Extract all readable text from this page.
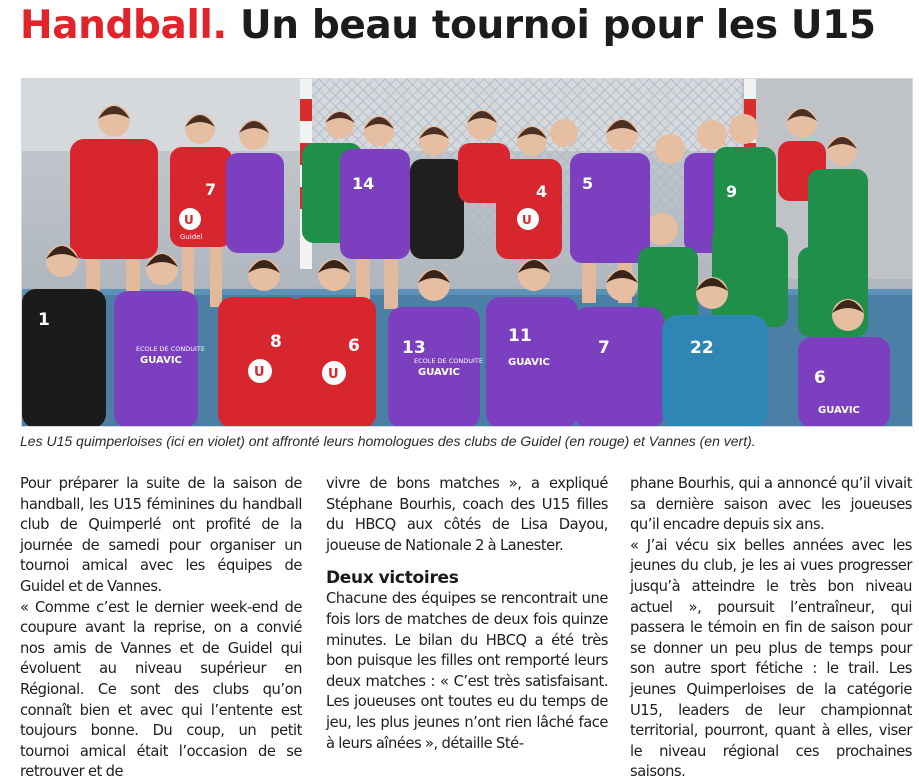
Handball. Un beau tournoi pour les U15
7	14	4 5	9
1
8	6 13
11
7	22
6
GUAVIC
GUAVIC
GUAVIC
GUAVIC
ECOLE DE CONDUITE
ECOLE DE CONDUITE
U	U
U
Guidel
U

Les U15 quimperloises (ici en violet) ont affronté leurs homologues des clubs de Guidel (en rouge) et Vannes (en vert).

Pour préparer la suite de la saison de handball, les U15 féminines du handball club de Quimperlé ont profité de la journée de samedi pour organiser un tournoi amical avec les équipes de Guidel et de Vannes.

« Comme c’est le dernier week-end de coupure avant la reprise, on a convié nos amis de Vannes et de Guidel qui évoluent au niveau supérieur en Régional. Ce sont des clubs qu’on connaît bien et avec qui l’entente est toujours bonne. Du coup, un petit tournoi amical était l’occasion de se retrouver et de

vivre de bons matches », a expliqué Stéphane Bourhis, coach des U15 filles du HBCQ aux côtés de Lisa Dayou, joueuse de Nationale 2 à Lanester.

Deux victoires

Chacune des équipes se rencontrait une fois lors de matches de deux fois quinze minutes. Le bilan du HBCQ a été très bon puisque les filles ont remporté leurs deux matches : « C’est très satisfaisant. Les joueuses ont toutes eu du temps de jeu, les plus jeunes n’ont rien lâché face à leurs aînées », détaille Sté-

phane Bourhis, qui a annoncé qu’il vivait sa dernière saison avec les joueuses qu’il encadre depuis six ans.

« J’ai vécu six belles années avec les jeunes du club, je les ai vues progresser jusqu’à atteindre le très bon niveau actuel », poursuit l’entraîneur, qui passera le témoin en fin de saison pour se donner un peu plus de temps pour son autre sport fétiche : le trail. Les jeunes Quimperloises de la catégorie U15, leaders de leur championnat territorial, pourront, quant à elles, viser le niveau régional ces prochaines saisons.
